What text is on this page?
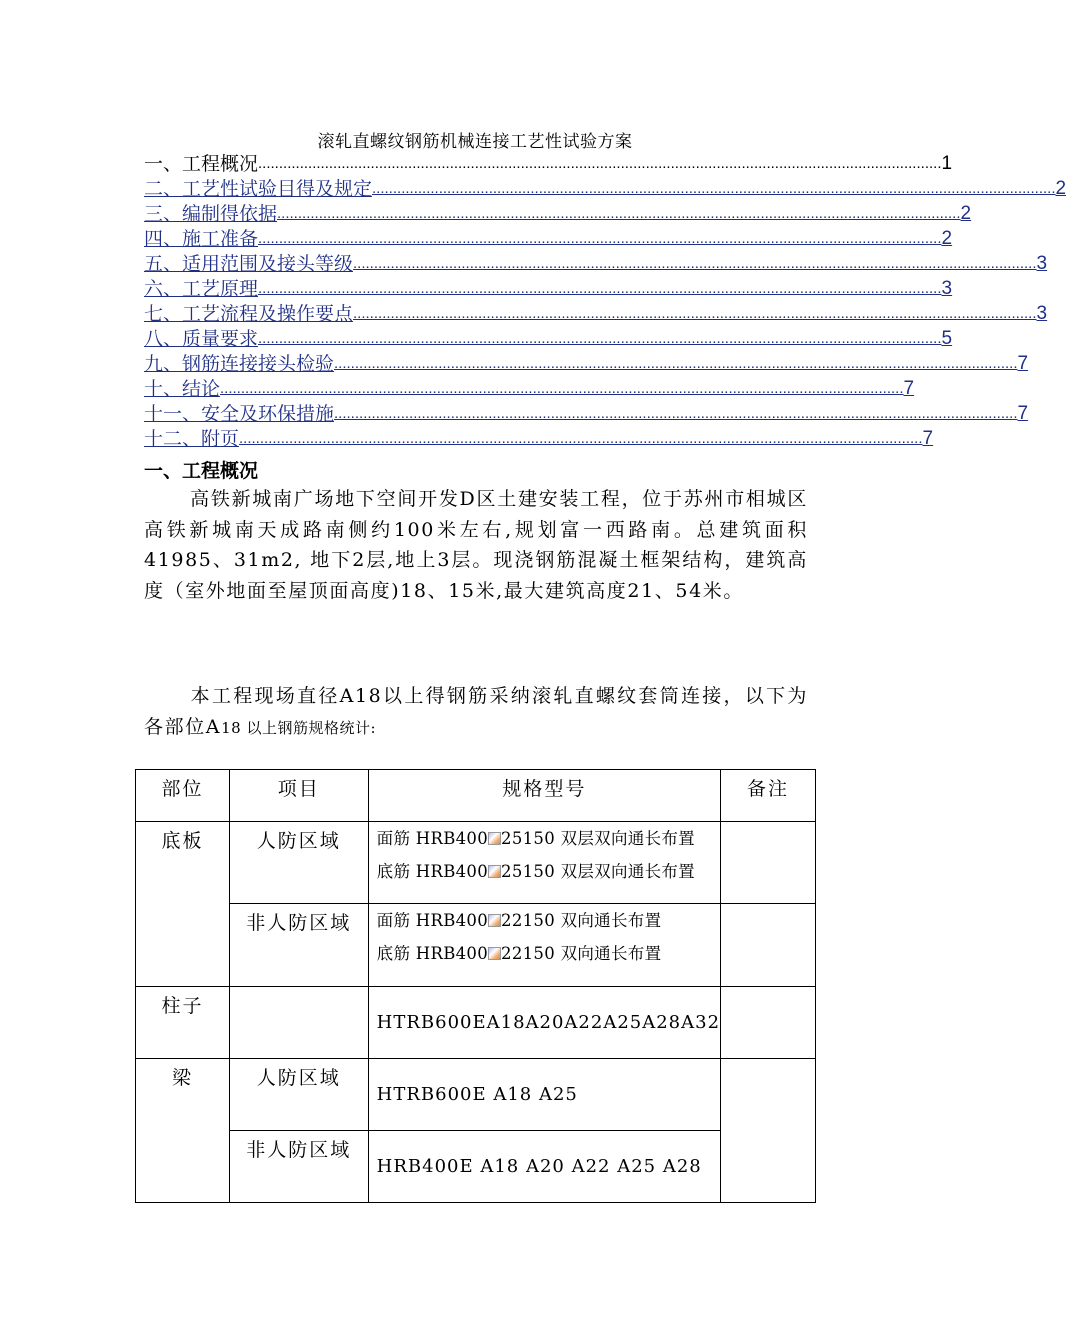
滚轧直螺纹钢筋机械连接工艺性试验方案
一、工程概况 .................................................................................................................................................................... 1
二、工艺性试验目得及规定 .................................................................................................................................................................... 2
三、编制得依据 .................................................................................................................................................................... 2
四、施工准备 .................................................................................................................................................................... 2
五、适用范围及接头等级 .................................................................................................................................................................... 3
六、工艺原理 .................................................................................................................................................................... 3
七、工艺流程及操作要点 .................................................................................................................................................................... 3
八、质量要求 .................................................................................................................................................................... 5
九、钢筋连接接头检验 .................................................................................................................................................................... 7
十、结论 .................................................................................................................................................................... 7
十一、安全及环保措施 .................................................................................................................................................................... 7
十二、附页 .................................................................................................................................................................... 7
一、工程概况
高铁新城南广场地下空间开发D区土建安装工程，位于苏州市相城区高铁新城南天成路南侧约100米左右,规划富一西路南。总建筑面积41985、31m2, 地下2层,地上3层。现浇钢筋混凝土框架结构，建筑高度（室外地面至屋顶面高度)18、15米,最大建筑高度21、54米。
本工程现场直径A18以上得钢筋采纳滚轧直螺纹套筒连接，以下为各部位A18 以上钢筋规格统计:
部位	项目	规格型号	备注
底板	人防区域	面筋 HRB400 25150 双层双向通长布置
底筋 HRB400 25150 双层双向通长布置	

	非人防区域	面筋 HRB400 22150 双向通长布置
底筋 HRB400 22150 双向通长布置	

柱子		HTRB600EA18A20A22A25A28A32	

梁	人防区域	HTRB600E A18 A25	

	非人防区域	HRB400E A18 A20 A22 A25 A28	
